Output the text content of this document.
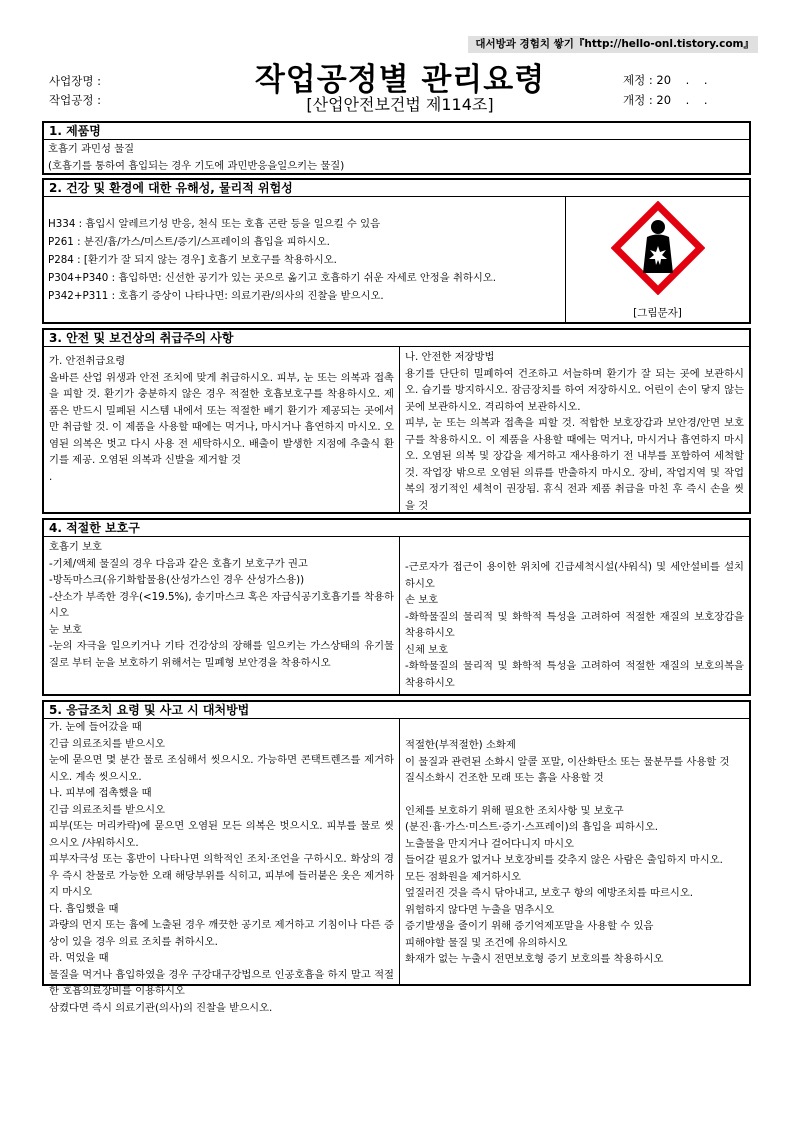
대서방과 경험치 쌓기『http://hello-onl.tistory.com』
사업장명 :
작업공정 :
작업공정별 관리요령
[산업안전보건법 제114조]
제정 : 20    .    .
개정 : 20    .    .
1. 제품명

호흡기 과민성 물질

(호흡기를 통하여 흡입되는 경우 기도에 과민반응을일으키는 물질)

2. 건강 및 환경에 대한 유해성, 물리적 위험성

H334 : 흡입시 알레르기성 반응, 천식 또는 호흡 곤란 등을 일으킬 수 있음

P261 : 분진/흄/가스/미스트/증기/스프레이의 흡입을 피하시오.

P284 : [환기가 잘 되지 않는 경우] 호흡기 보호구를 착용하시오.

P304+P340 : 흡입하면: 신선한 공기가 있는 곳으로 옮기고 호흡하기 쉬운 자세로 안정을 취하시오.

P342+P311 : 호흡기 증상이 나타나면: 의료기관/의사의 진찰을 받으시오.

[그림문자]
3. 안전 및 보건상의 취급주의 사항

가. 안전취급요령

올바른 산업 위생과 안전 조치에 맞게 취급하시오. 피부, 눈 또는 의복과 접촉을 피할 것. 환기가 충분하지 않은 경우 적절한 호흡보호구를 착용하시오. 제품은 반드시 밀폐된 시스템 내에서 또는 적절한 배기 환기가 제공되는 곳에서만 취급할 것. 이 제품을 사용할 때에는 먹거나, 마시거나 흡연하지 마시오. 오염된 의복은 벗고 다시 사용 전 세탁하시오. 배출이 발생한 지점에 추출식 환기를 제공. 오염된 의복과 신발을 제거할 것

.

나. 안전한 저장방법

용기를 단단히 밀폐하여 건조하고 서늘하며 환기가 잘 되는 곳에 보관하시오. 습기를 방지하시오. 잠금장치를 하여 저장하시오. 어린이 손이 닿지 않는 곳에 보관하시오. 격리하여 보관하시오.

피부, 눈 또는 의복과 접촉을 피할 것. 적합한 보호장갑과 보안경/안면 보호구를 착용하시오. 이 제품을 사용할 때에는 먹거나, 마시거나 흡연하지 마시오. 오염된 의복 및 장갑을 제거하고 재사용하기 전 내부를 포함하여 세척할 것. 작업장 밖으로 오염된 의류를 반출하지 마시오. 장비, 작업지역 및 작업복의 정기적인 세척이 권장됨. 휴식 전과 제품 취급을 마친 후 즉시 손을 씻을 것

4. 적절한 보호구

호흡기 보호

-기체/액체 물질의 경우 다음과 같은 호흡기 보호구가 권고

-방독마스크(유기화합물용(산성가스인 경우 산성가스용))

-산소가 부족한 경우(<19.5%), 송기마스크 혹은 자급식공기호흡기를 착용하시오

눈 보호

-눈의 자극을 일으키거나 기타 건강상의 장해를 일으키는 가스상태의 유기물질로 부터 눈을 보호하기 위해서는 밀폐형 보안경을 착용하시오

-근로자가 접근이 용이한 위치에 긴급세척시설(샤워식) 및 세안설비를 설치하시오

손 보호

-화학물질의 물리적 및 화학적 특성을 고려하여 적절한 재질의 보호장갑을 착용하시오

신체 보호

-화학물질의 물리적 및 화학적 특성을 고려하여 적절한 재질의 보호의복을 착용하시오

5. 응급조치 요령 및 사고 시 대처방법

가. 눈에 들어갔을 때

긴급 의료조치를 받으시오

눈에 묻으면 몇 분간 물로 조심해서 씻으시오. 가능하면 콘택트렌즈를 제거하시오. 계속 씻으시오.

나. 피부에 접촉했을 때

긴급 의료조치를 받으시오

피부(또는 머리카락)에 묻으면 오염된 모든 의복은 벗으시오. 피부를 물로 씻으시오 /샤워하시오.

피부자극성 또는 홍반이 나타나면 의학적인 조치·조언을 구하시오. 화상의 경우 즉시 찬물로 가능한 오래 해당부위를 식히고, 피부에 들러붙은 옷은 제거하지 마시오

다. 흡입했을 때

과량의 먼지 또는 흄에 노출된 경우 깨끗한 공기로 제거하고 기침이나 다른 증상이 있을 경우 의료 조치를 취하시오.

라. 먹었을 때

물질을 먹거나 흡입하였을 경우 구강대구강법으로 인공호흡을 하지 말고 적절한 호흡의료장비를 이용하시오

삼켰다면 즉시 의료기관(의사)의 진찰을 받으시오.

적절한(부적절한) 소화제

이 물질과 관련된 소화시 알콜 포말, 이산화탄소 또는 물분무를 사용할 것

질식소화시 건조한 모래 또는 흙을 사용할 것

인체를 보호하기 위해 필요한 조치사항 및 보호구

(분진·흄·가스·미스트·증기·스프레이)의 흡입을 피하시오.

노출물을 만지거나 걸어다니지 마시오

들어갈 필요가 없거나 보호장비를 갖추지 않은 사람은 출입하지 마시오.

모든 점화원을 제거하시오

엎질러진 것을 즉시 닦아내고, 보호구 항의 예방조치를 따르시오.

위험하지 않다면 누출을 멈추시오

증기발생을 줄이기 위해 증기억제포말을 사용할 수 있음

피해야할 물질 및 조건에 유의하시오

화재가 없는 누출시 전면보호형 증기 보호의를 착용하시오
